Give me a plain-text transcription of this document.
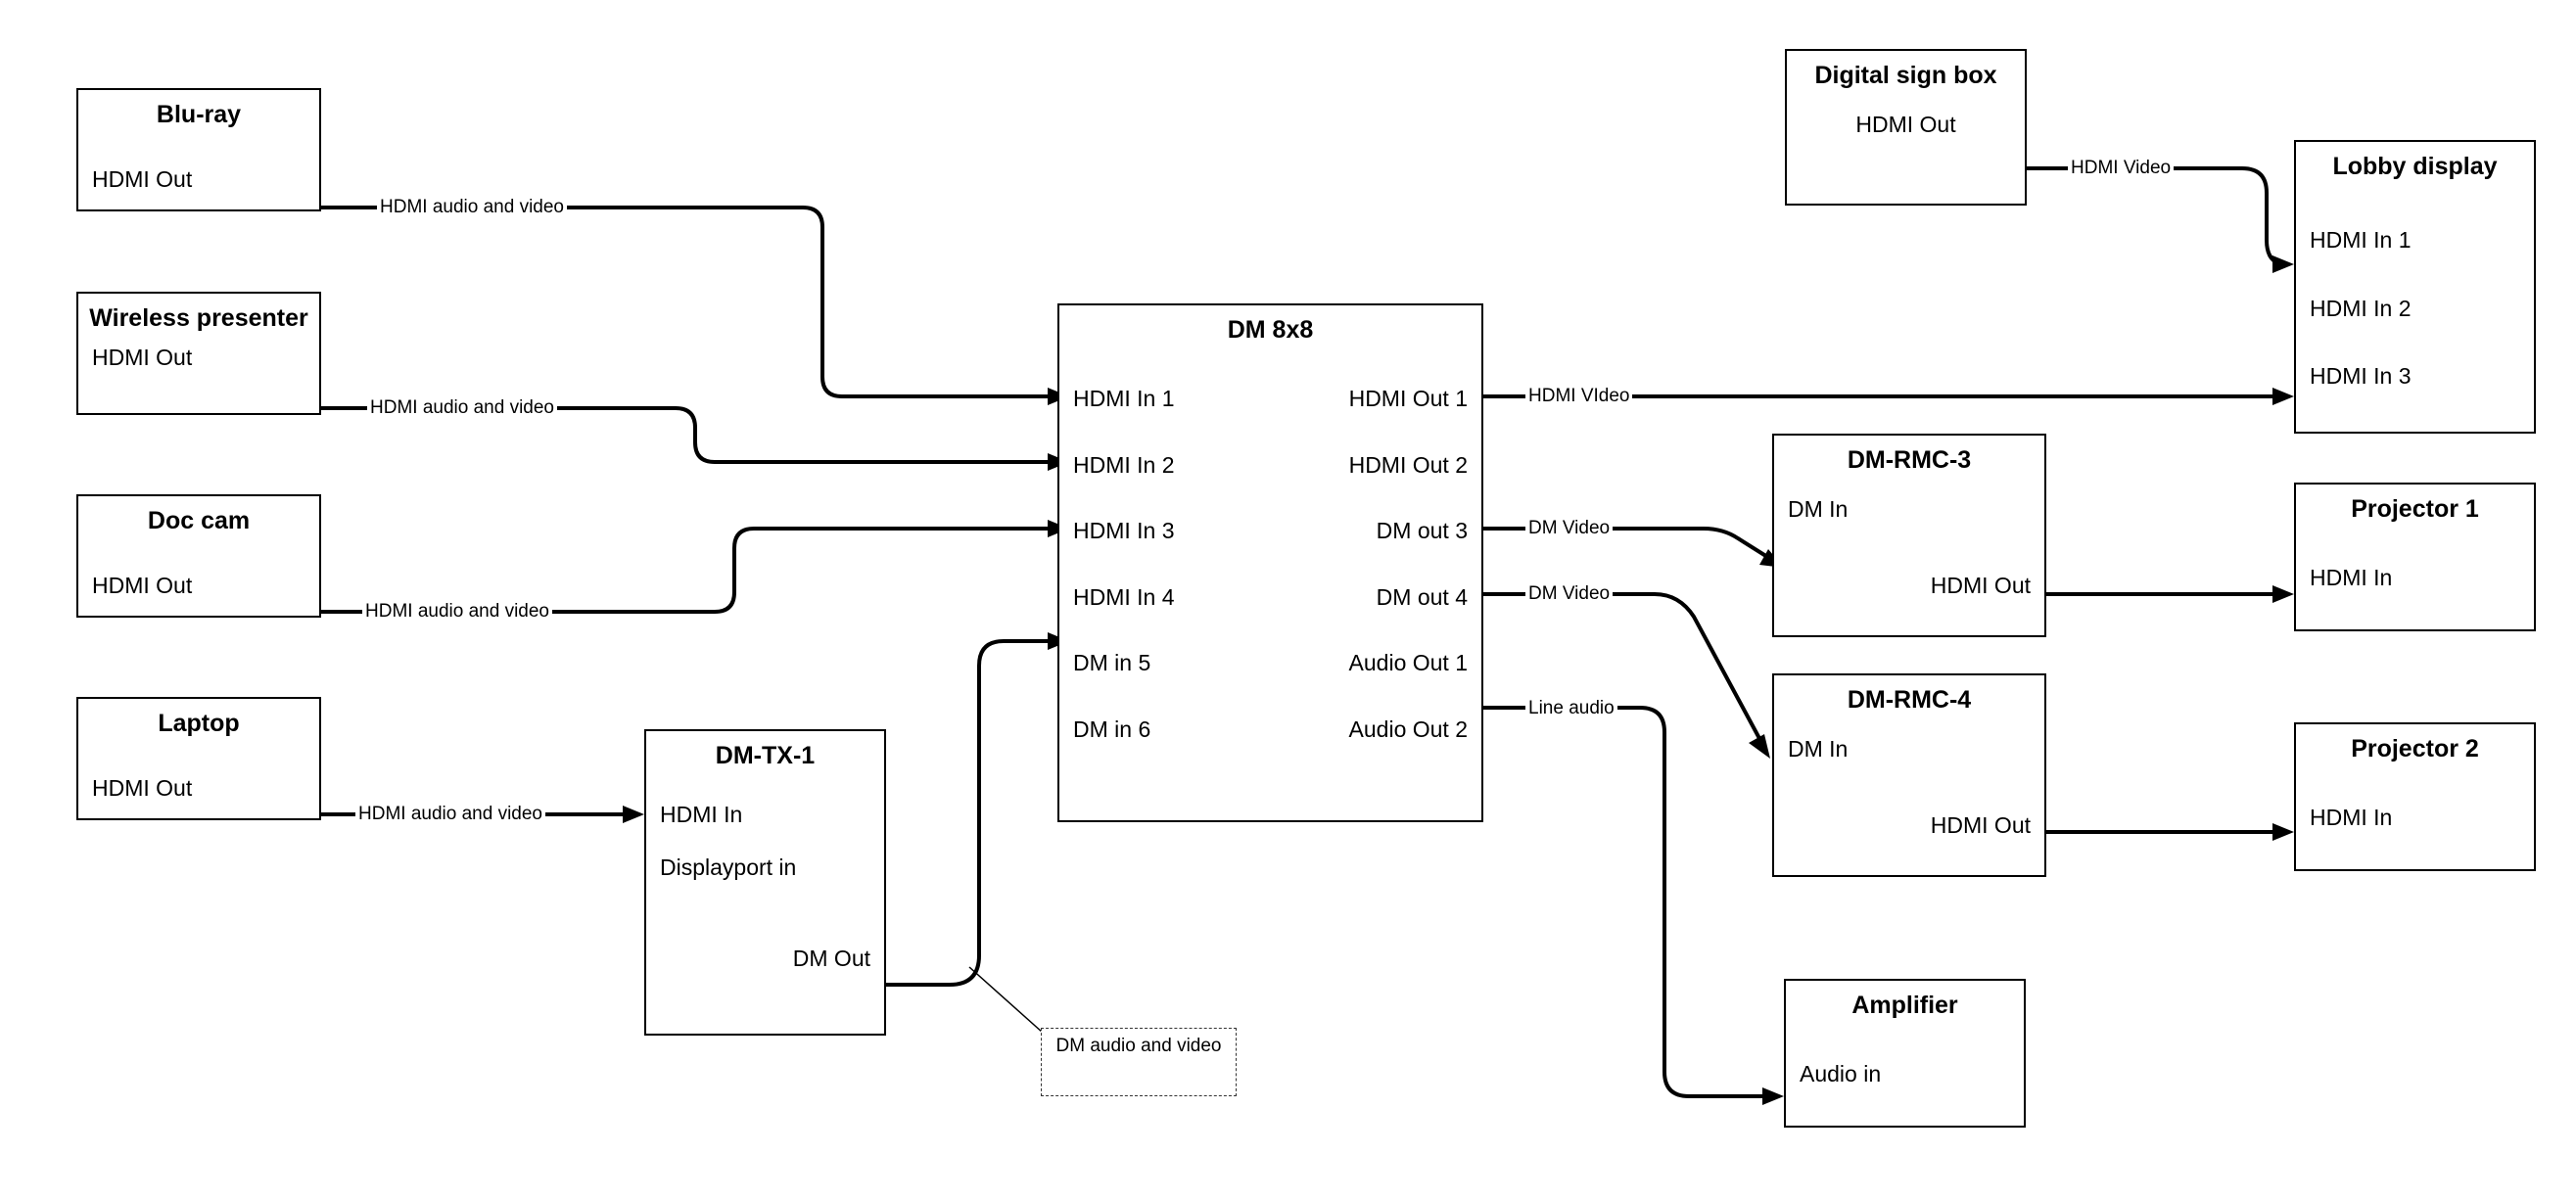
Blu-ray
HDMI Out
Wireless presenter
HDMI Out
Doc cam
HDMI Out
Laptop
HDMI Out
DM-TX-1
HDMI In
Displayport in
DM Out
DM 8x8
HDMI In 1	HDMI Out 1
HDMI In 2	HDMI Out 2
HDMI In 3	DM out 3
HDMI In 4	DM out 4
DM in 5	Audio Out 1
DM in 6	Audio Out 2
Digital sign box
HDMI Out
Lobby display
HDMI In 1
HDMI In 2
HDMI In 3
DM-RMC-3
DM In
HDMI Out
DM-RMC-4
DM In
HDMI Out
Projector 1
HDMI In
Projector 2
HDMI In
Amplifier
Audio in
HDMI audio and video
HDMI audio and video
HDMI audio and video
HDMI audio and video
HDMI VIdeo
HDMI Video
DM Video
DM Video
Line audio
DM audio and video
